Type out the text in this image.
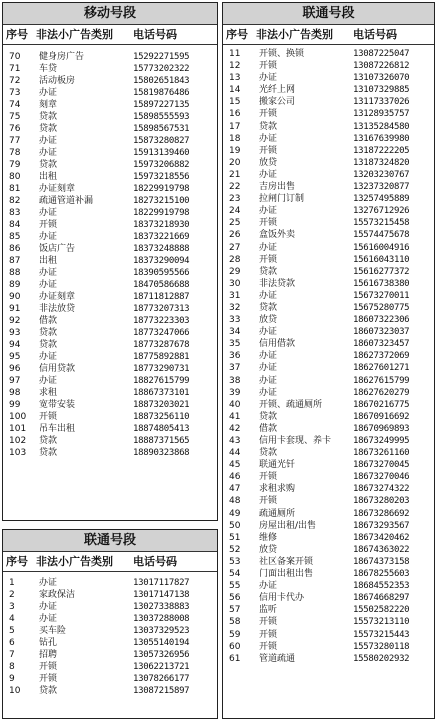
移动号段
序号 非法小广告类别	电话号码
70	健身房广告	15292271595
71	车贷	15773202322
72	活动板房	15802651843
73	办证	15819876486
74	刻章	15897227135
75	贷款	15898555593
76	贷款	15898567531
77	办证	15873280827
78	办证	15913139460
79	贷款	15973206882
80	出租	15973218556
81	办证刻章	18229919798
82	疏通管道补漏	18273215100
83	办证	18229919798
84	开锁	18373218930
85	办证	18373221669
86	饭店广告	18373248888
87	出租	18373290094
88	办证	18390595566
89	办证	18470586688
90	办证刻章	18711812887
91	非法放贷	18773207313
92	借款	18773223303
93	贷款	18773247066
94	贷款	18773287678
95	办证	18775892881
96	信用贷款	18773290731
97	办证	18827615799
98	求租	18867373101
99	宽带安装	18873203021
100	开锁	18873256110
101	吊车出租	18874805413
102	贷款	18887371565
103	贷款	18890323868
联通号段
序号 非法小广告类别	电话号码
1	办证	13017117827
2	家政保洁	13017147138
3	办证	13027338883
4	办证	13037288008
5	买车险	13037329523
6	钻孔	13055140194
7	招聘	13057326956
8	开锁	13062213721
9	开锁	13078266177
10	贷款	13087215897
联通号段
序号 非法小广告类别	电话号码
11	开锁、换锁	13087225047
12	开锁	13087226812
13	办证	13107326070
14	光纤上网	13107329885
15	搬家公司	13117337026
16	开锁	13128935757
17	贷款	13135284580
18	办证	13167639980
19	开锁	13187222205
20	放贷	13187324820
21	办证	13203230767
22	吉房出售	13237320877
23	拉闸门订制	13257495889
24	办证	13276712926
25	开锁	15573215458
26	盒饭外卖	15574475678
27	办证	15616004916
28	开锁	15616043110
29	贷款	15616277372
30	非法贷款	15616738380
31	办证	15673270011
32	贷款	15675280775
33	放贷	18607322306
34	办证	18607323037
35	信用借款	18607323457
36	办证	18627372069
37	办证	18627601271
38	办证	18627615799
39	办证	18627620279
40	开锁、疏通厕所	18670216775
41	贷款	18670916692
42	借款	18670969893
43	信用卡套现、养卡	18673249995
44	贷款	18673261160
45	联通光钎	18673270045
46	开锁	18673270046
47	求租求购	18673274322
48	开锁	18673280203
49	疏通厕所	18673286692
50	房屋出租/出售	18673293567
51	维修	18673420462
52	放贷	18674363022
53	社区备案开锁	18674373158
54	门面出租出售	18678255603
55	办证	18684552353
56	信用卡代办	18674668297
57	监听	15502582220
58	开锁	15573213110
59	开锁	15573215443
60	开锁	15573280118
61	管道疏通	15580202932
